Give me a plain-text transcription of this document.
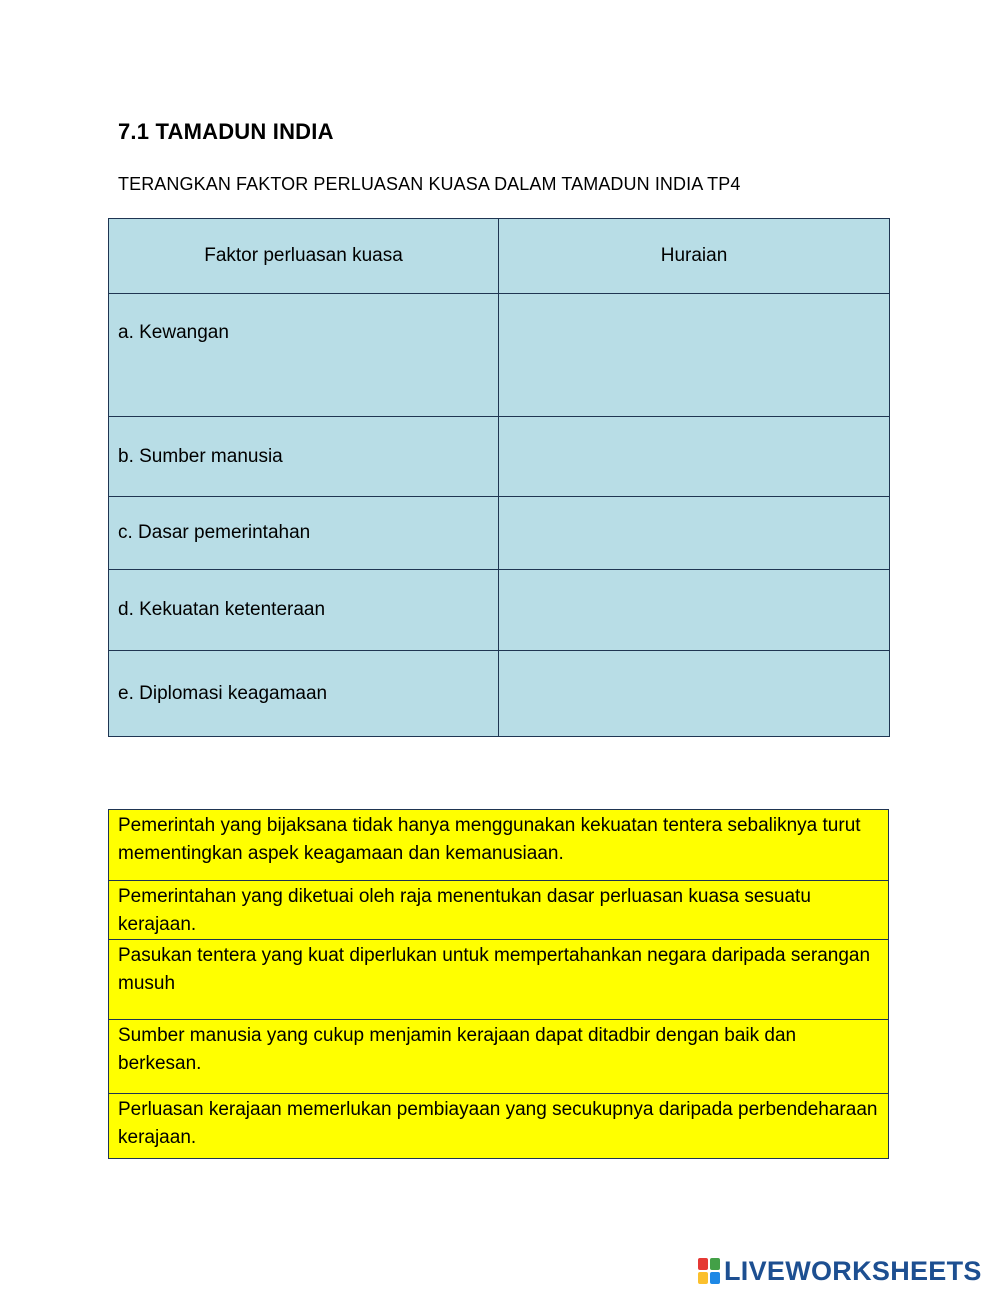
7.1 TAMADUN INDIA
TERANGKAN FAKTOR PERLUASAN KUASA DALAM TAMADUN INDIA TP4
Faktor perluasan kuasa	Huraian
a. Kewangan	
b. Sumber manusia	
c. Dasar pemerintahan	
d. Kekuatan ketenteraan	
e. Diplomasi keagamaan	
Pemerintah yang bijaksana tidak hanya menggunakan kekuatan tentera sebaliknya turut mementingkan aspek keagamaan dan kemanusiaan.
Pemerintahan yang diketuai oleh raja menentukan dasar perluasan kuasa sesuatu kerajaan.
Pasukan tentera yang kuat diperlukan untuk mempertahankan negara daripada serangan musuh
Sumber manusia yang cukup menjamin kerajaan dapat ditadbir dengan baik dan berkesan.
Perluasan kerajaan memerlukan pembiayaan yang secukupnya daripada perbendeharaan kerajaan.
LIVEWORKSHEETS
